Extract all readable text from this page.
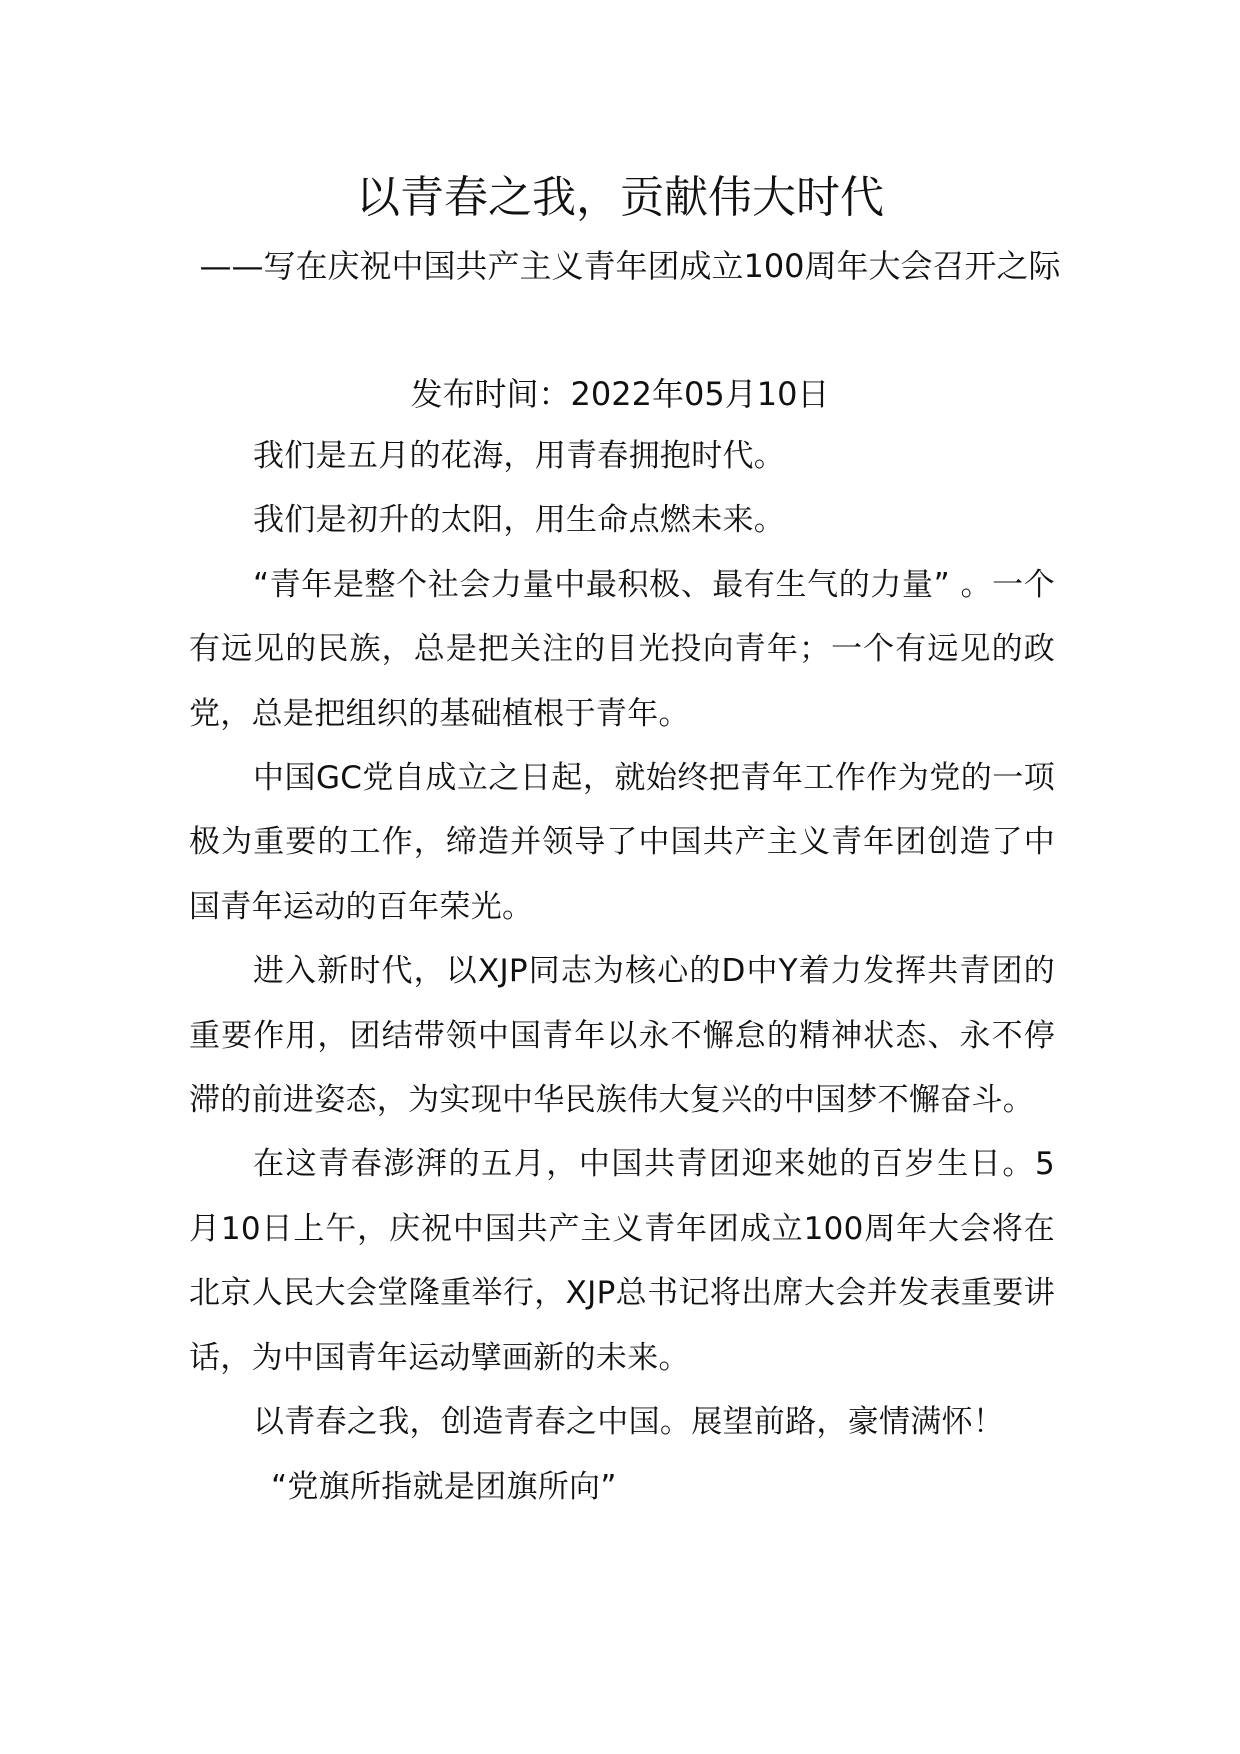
以青春之我，贡献伟大时代
——写在庆祝中国共产主义青年团成立100周年大会召开之际
发布时间：2022年05月10日

我们是五月的花海，用青春拥抱时代。

我们是初升的太阳，用生命点燃未来。

“青年是整个社会力量中最积极、最有生气的力量” 。一个有远见的民族，总是把关注的目光投向青年；一个有远见的政党，总是把组织的基础植根于青年。

中国GC党自成立之日起，就始终把青年工作作为党的一项极为重要的工作，缔造并领导了中国共产主义青年团创造了中国青年运动的百年荣光。

进入新时代，以XJP同志为核心的D中Y着力发挥共青团的重要作用，团结带领中国青年以永不懈怠的精神状态、永不停滞的前进姿态，为实现中华民族伟大复兴的中国梦不懈奋斗。

在这青春澎湃的五月，中国共青团迎来她的百岁生日。5月10日上午，庆祝中国共产主义青年团成立100周年大会将在北京人民大会堂隆重举行，XJP总书记将出席大会并发表重要讲话，为中国青年运动擘画新的未来。

以青春之我，创造青春之中国。展望前路，豪情满怀！

“党旗所指就是团旗所向”
